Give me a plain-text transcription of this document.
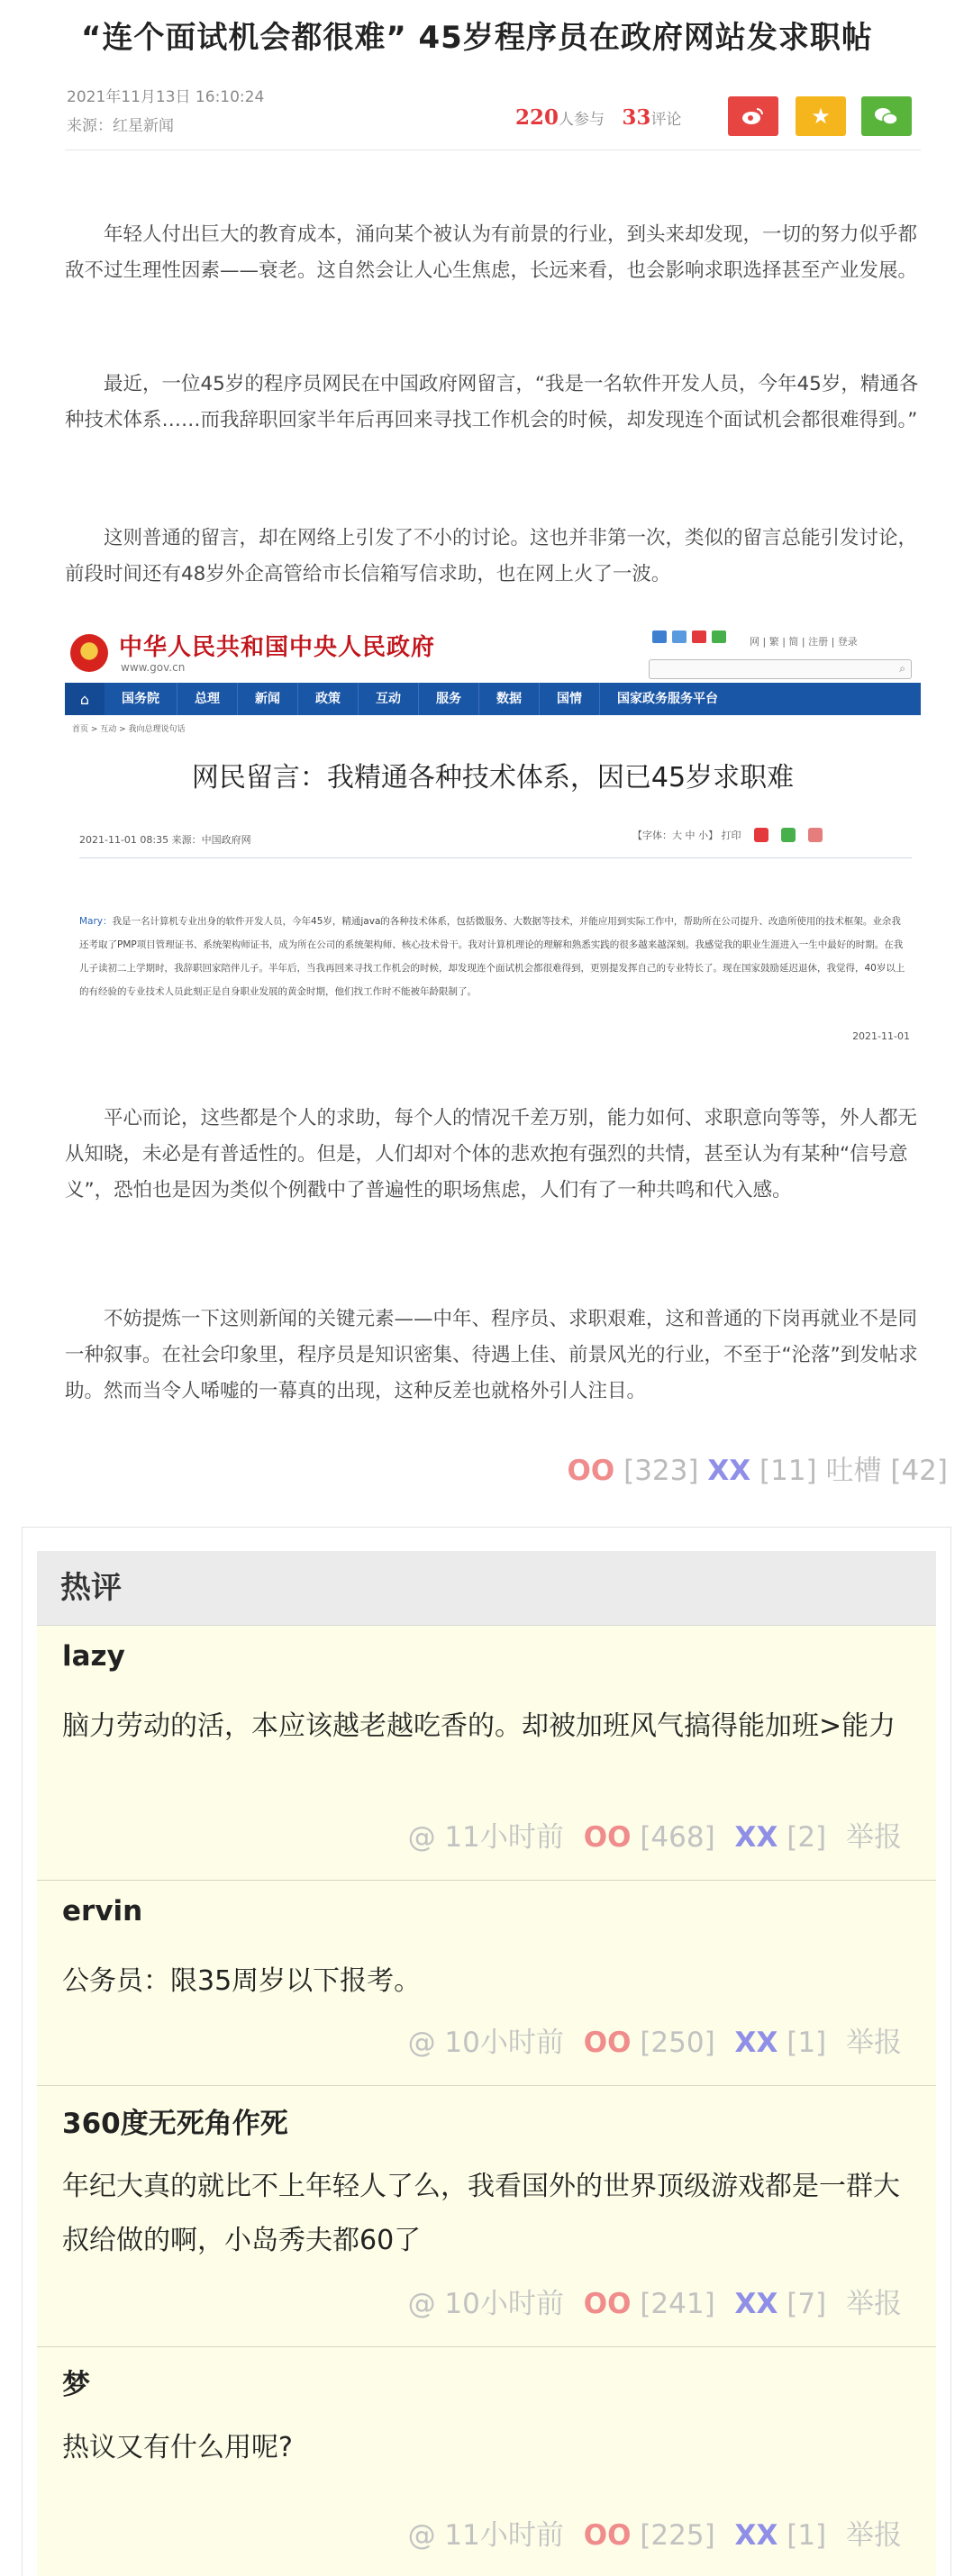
“连个面试机会都很难” 45岁程序员在政府网站发求职帖
2021年11月13日 16:10:24
来源：红星新闻	220人参与 33评论	★

年轻人付出巨大的教育成本，涌向某个被认为有前景的行业，到头来却发现，一切的努力似乎都敌不过生理性因素——衰老。这自然会让人心生焦虑，长远来看，也会影响求职选择甚至产业发展。

最近，一位45岁的程序员网民在中国政府网留言，“我是一名软件开发人员，今年45岁，精通各种技术体系……而我辞职回家半年后再回来寻找工作机会的时候，却发现连个面试机会都很难得到。”

这则普通的留言，却在网络上引发了不小的讨论。这也并非第一次，类似的留言总能引发讨论，前段时间还有48岁外企高管给市长信箱写信求助，也在网上火了一波。

中华人民共和国中央人民政府
www.gov.cn
网 | 繁 | 简 | 注册 | 登录
⌕
⌂	国务院	总理	新闻	政策	互动	服务	数据	国情	国家政务服务平台
首页 > 互动 > 我向总理说句话
网民留言：我精通各种技术体系，因已45岁求职难
2021-11-01 08:35 来源：中国政府网	【字体：大 中 小】 打印
Mary：我是一名计算机专业出身的软件开发人员，今年45岁，精通java的各种技术体系，包括微服务、大数据等技术，并能应用到实际工作中，帮助所在公司提升、改造所使用的技术框架。业余我还考取了PMP项目管理证书、系统架构师证书，成为所在公司的系统架构师、核心技术骨干。我对计算机理论的理解和熟悉实践的很多越来越深刻。我感觉我的职业生涯进入一生中最好的时期。在我儿子读初二上学期时，我辞职回家陪伴儿子。半年后，当我再回来寻找工作机会的时候，却发现连个面试机会都很难得到，更别提发挥自己的专业特长了。现在国家鼓励延迟退休，我觉得，40岁以上的有经验的专业技术人员此刻正是自身职业发展的黄金时期，他们找工作时不能被年龄限制了。
2021-11-01

平心而论，这些都是个人的求助，每个人的情况千差万别，能力如何、求职意向等等，外人都无从知晓，未必是有普适性的。但是，人们却对个体的悲欢抱有强烈的共情，甚至认为有某种“信号意义”，恐怕也是因为类似个例戳中了普遍性的职场焦虑，人们有了一种共鸣和代入感。

不妨提炼一下这则新闻的关键元素——中年、程序员、求职艰难，这和普通的下岗再就业不是同一种叙事。在社会印象里，程序员是知识密集、待遇上佳、前景风光的行业，不至于“沦落”到发帖求助。然而当令人唏嘘的一幕真的出现，这种反差也就格外引人注目。

OO [323] XX [11] 吐槽 [42]
热评
lazy
脑力劳动的活，本应该越老越吃香的。却被加班风气搞得能加班>能力
@ 11小时前 OO [468] XX [2] 举报
ervin
公务员：限35周岁以下报考。
@ 10小时前 OO [250] XX [1] 举报
360度无死角作死
年纪大真的就比不上年轻人了么，我看国外的世界顶级游戏都是一群大叔给做的啊，小岛秀夫都60了
@ 10小时前 OO [241] XX [7] 举报
梦
热议又有什么用呢?
@ 11小时前 OO [225] XX [1] 举报
